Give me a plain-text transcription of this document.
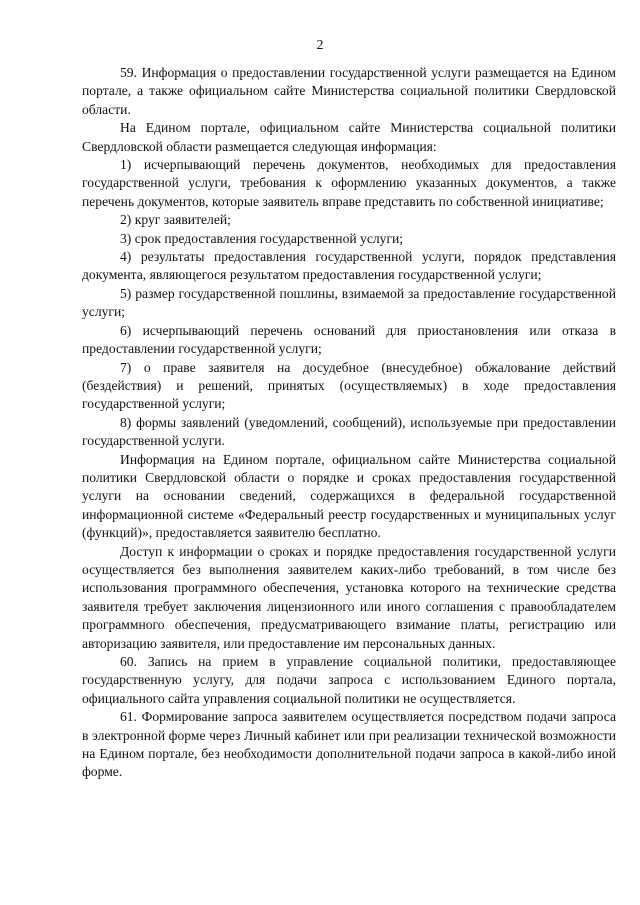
2

59. Информация о предоставлении государственной услуги размещается на Едином портале, а также официальном сайте Министерства социальной политики Свердловской области.

На Едином портале, официальном сайте Министерства социальной политики Свердловской области размещается следующая информация:

1) исчерпывающий перечень документов, необходимых для предоставления государственной услуги, требования к оформлению указанных документов, а также перечень документов, которые заявитель вправе представить по собственной инициативе;

2) круг заявителей;

3) срок предоставления государственной услуги;

4) результаты предоставления государственной услуги, порядок представления документа, являющегося результатом предоставления государственной услуги;

5) размер государственной пошлины, взимаемой за предоставление государственной услуги;

6) исчерпывающий перечень оснований для приостановления или отказа в предоставлении государственной услуги;

7) о праве заявителя на досудебное (внесудебное) обжалование действий (бездействия) и решений, принятых (осуществляемых) в ходе предоставления государственной услуги;

8) формы заявлений (уведомлений, сообщений), используемые при предоставлении государственной услуги.

Информация на Едином портале, официальном сайте Министерства социальной политики Свердловской области о порядке и сроках предоставления государственной услуги на основании сведений, содержащихся в федеральной государственной информационной системе «Федеральный реестр государственных и муниципальных услуг (функций)», предоставляется заявителю бесплатно.

Доступ к информации о сроках и порядке предоставления государственной услуги осуществляется без выполнения заявителем каких-либо требований, в том числе без использования программного обеспечения, установка которого на технические средства заявителя требует заключения лицензионного или иного соглашения с правообладателем программного обеспечения, предусматривающего взимание платы, регистрацию или авторизацию заявителя, или предоставление им персональных данных.

60. Запись на прием в управление социальной политики, предоставляющее государственную услугу, для подачи запроса с использованием Единого портала, официального сайта управления социальной политики не осуществляется.

61. Формирование запроса заявителем осуществляется посредством подачи запроса в электронной форме через Личный кабинет или при реализации технической возможности на Едином портале, без необходимости дополнительной подачи запроса в какой-либо иной форме.
